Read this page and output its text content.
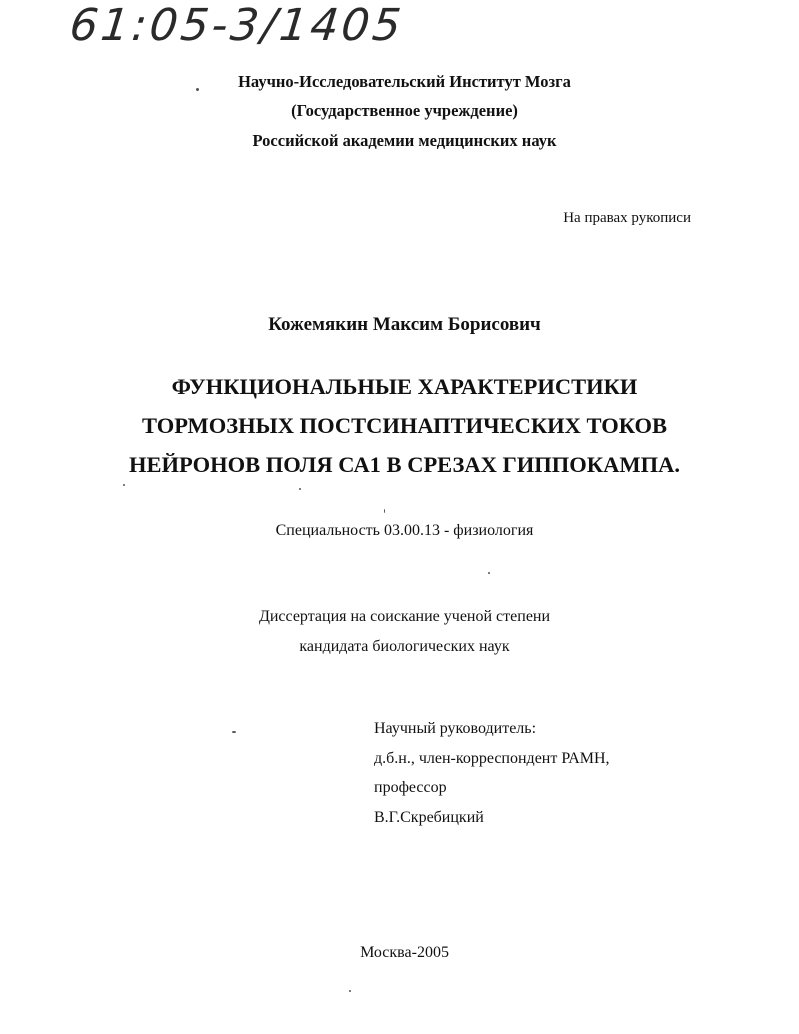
61:05-3/1405
Научно-Исследовательский Институт Мозга
(Государственное учреждение)
Российской академии медицинских наук
На правах рукописи
Кожемякин Максим Борисович
ФУНКЦИОНАЛЬНЫЕ ХАРАКТЕРИСТИКИ
ТОРМОЗНЫХ ПОСТСИНАПТИЧЕСКИХ ТОКОВ
НЕЙРОНОВ ПОЛЯ СА1 В СРЕЗАХ ГИППОКАМПА.
Специальность 03.00.13 - физиология
Диссертация на соискание ученой степени
кандидата биологических наук
Научный руководитель:
д.б.н., член-корреспондент РАМН,
профессор
В.Г.Скребицкий
Москва-2005
